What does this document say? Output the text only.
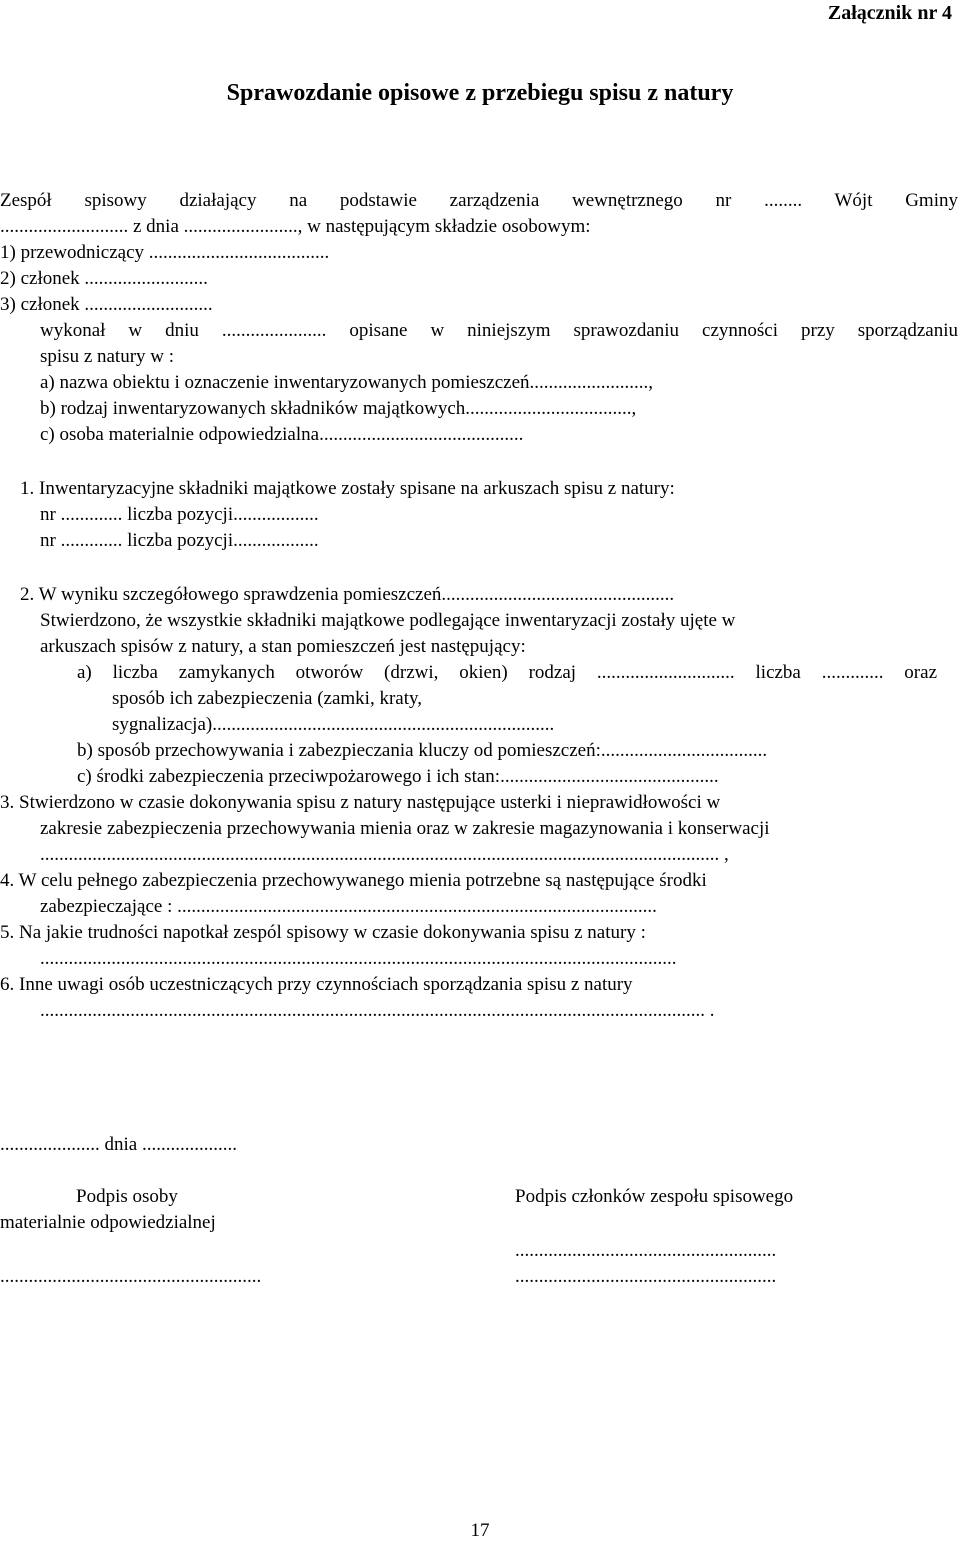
Załącznik nr 4
Sprawozdanie opisowe z przebiegu spisu z natury
Zespół spisowy działający na podstawie zarządzenia wewnętrznego nr ........ Wójt Gminy
........................... z dnia ........................, w następującym składzie osobowym:
1) przewodniczący ......................................
2) członek ..........................
3) członek ...........................
wykonał w dniu ...................... opisane w niniejszym sprawozdaniu czynności przy sporządzaniu
spisu z natury w :
a) nazwa obiektu i oznaczenie inwentaryzowanych pomieszczeń.........................,
b) rodzaj inwentaryzowanych składników majątkowych...................................,
c) osoba materialnie odpowiedzialna...........................................
1. Inwentaryzacyjne składniki majątkowe zostały spisane na arkuszach spisu z natury:
nr ............. liczba pozycji..................
nr ............. liczba pozycji..................
2. W wyniku szczegółowego sprawdzenia pomieszczeń.................................................
Stwierdzono, że wszystkie składniki majątkowe podlegające inwentaryzacji zostały ujęte w
arkuszach spisów z natury, a stan pomieszczeń jest następujący:
a) liczba zamykanych otworów (drzwi, okien) rodzaj ............................. liczba ............. oraz
sposób ich zabezpieczenia (zamki, kraty,
sygnalizacja)........................................................................
b) sposób przechowywania i zabezpieczania kluczy od pomieszczeń:...................................
c) środki zabezpieczenia przeciwpożarowego i ich stan:..............................................
3. Stwierdzono w czasie dokonywania spisu z natury następujące usterki i nieprawidłowości w
zakresie zabezpieczenia przechowywania mienia oraz w zakresie magazynowania i konserwacji
............................................................................................................................................... ,
4. W celu pełnego zabezpieczenia przechowywanego mienia potrzebne są następujące środki
zabezpieczające : .....................................................................................................
5. Na jakie trudności napotkał zespól spisowy w czasie dokonywania spisu z natury :
......................................................................................................................................
6. Inne uwagi osób uczestniczących przy czynnościach sporządzania spisu z natury
............................................................................................................................................ .
..................... dnia ....................
Podpis osoby
materialnie odpowiedzialnej
.......................................................
Podpis członków zespołu spisowego
.......................................................
.......................................................
17
